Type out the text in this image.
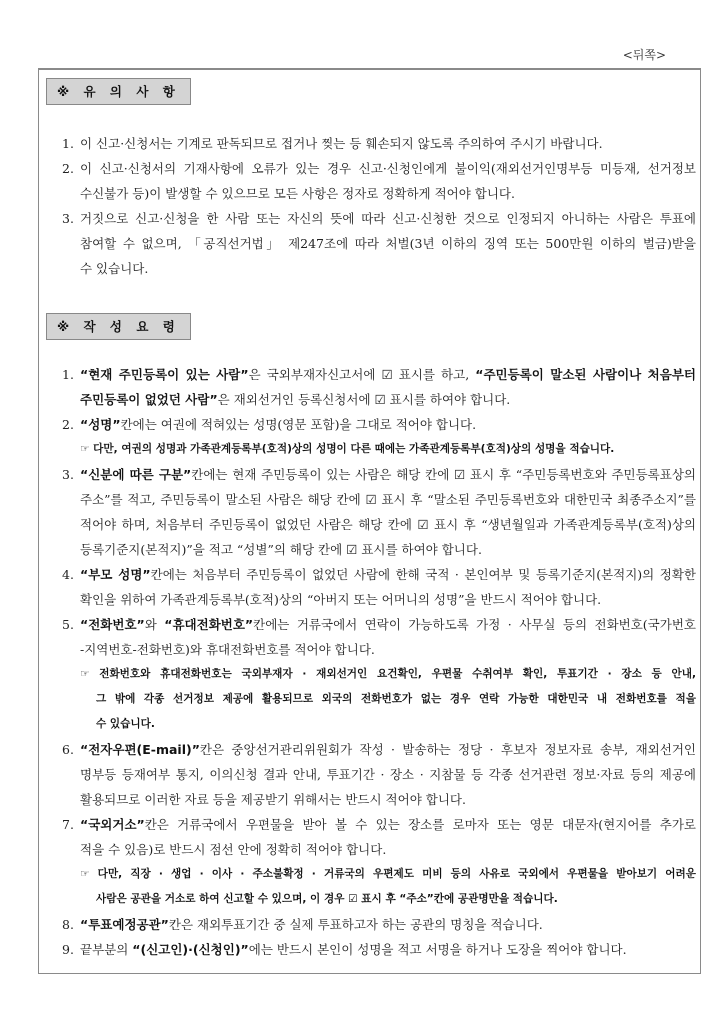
<뒤쪽>
※ 유 의 사 항
1. 이 신고·신청서는 기계로 판독되므로 접거나 찢는 등 훼손되지 않도록 주의하여 주시기 바랍니다.
2. 이 신고·신청서의 기재사항에 오류가 있는 경우 신고·신청인에게 불이익(재외선거인명부등 미등재, 선거정보
수신불가 등)이 발생할 수 있으므로 모든 사항은 정자로 정확하게 적어야 합니다.
3. 거짓으로 신고·신청을 한 사람 또는 자신의 뜻에 따라 신고·신청한 것으로 인정되지 아니하는 사람은 투표에
참여할 수 없으며, 「공직선거법」 제247조에 따라 처벌(3년 이하의 징역 또는 500만원 이하의 벌금)받을
수 있습니다.
※ 작 성 요 령
1. “현재 주민등록이 있는 사람”은 국외부재자신고서에 ☑ 표시를 하고, “주민등록이 말소된 사람이나 처음부터
주민등록이 없었던 사람”은 재외선거인 등록신청서에 ☑ 표시를 하여야 합니다.
2. “성명”칸에는 여권에 적혀있는 성명(영문 포함)을 그대로 적어야 합니다.
☞ 다만, 여권의 성명과 가족관계등록부(호적)상의 성명이 다른 때에는 가족관계등록부(호적)상의 성명을 적습니다.
3. “신분에 따른 구분”칸에는 현재 주민등록이 있는 사람은 해당 칸에 ☑ 표시 후 “주민등록번호와 주민등록표상의
주소”를 적고, 주민등록이 말소된 사람은 해당 칸에 ☑ 표시 후 “말소된 주민등록번호와 대한민국 최종주소지”를
적어야 하며, 처음부터 주민등록이 없었던 사람은 해당 칸에 ☑ 표시 후 “생년월일과 가족관계등록부(호적)상의
등록기준지(본적지)”을 적고 “성별”의 해당 칸에 ☑ 표시를 하여야 합니다.
4. “부모 성명”칸에는 처음부터 주민등록이 없었던 사람에 한해 국적 · 본인여부 및 등록기준지(본적지)의 정확한
확인을 위하여 가족관계등록부(호적)상의 “아버지 또는 어머니의 성명”을 반드시 적어야 합니다.
5. “전화번호”와 “휴대전화번호”칸에는 거류국에서 연락이 가능하도록 가정 · 사무실 등의 전화번호(국가번호
-지역번호-전화번호)와 휴대전화번호를 적어야 합니다.
☞ 전화번호와 휴대전화번호는 국외부재자 · 재외선거인 요건확인, 우편물 수취여부 확인, 투표기간 · 장소 등 안내,
그 밖에 각종 선거정보 제공에 활용되므로 외국의 전화번호가 없는 경우 연락 가능한 대한민국 내 전화번호를 적을
수 있습니다.
6. “전자우편(E-mail)”칸은 중앙선거관리위원회가 작성 · 발송하는 정당 · 후보자 정보자료 송부, 재외선거인
명부등 등재여부 통지, 이의신청 결과 안내, 투표기간 · 장소 · 지참물 등 각종 선거관련 정보·자료 등의 제공에
활용되므로 이러한 자료 등을 제공받기 위해서는 반드시 적어야 합니다.
7. “국외거소”칸은 거류국에서 우편물을 받아 볼 수 있는 장소를 로마자 또는 영문 대문자(현지어를 추가로
적을 수 있음)로 반드시 점선 안에 정확히 적어야 합니다.
☞ 다만, 직장 · 생업 · 이사 · 주소불확정 · 거류국의 우편제도 미비 등의 사유로 국외에서 우편물을 받아보기 어려운
사람은 공관을 거소로 하여 신고할 수 있으며, 이 경우 ☑ 표시 후 “주소”칸에 공관명만을 적습니다.
8. “투표예정공관”칸은 재외투표기간 중 실제 투표하고자 하는 공관의 명칭을 적습니다.
9. 끝부분의 “(신고인)·(신청인)”에는 반드시 본인이 성명을 적고 서명을 하거나 도장을 찍어야 합니다.
